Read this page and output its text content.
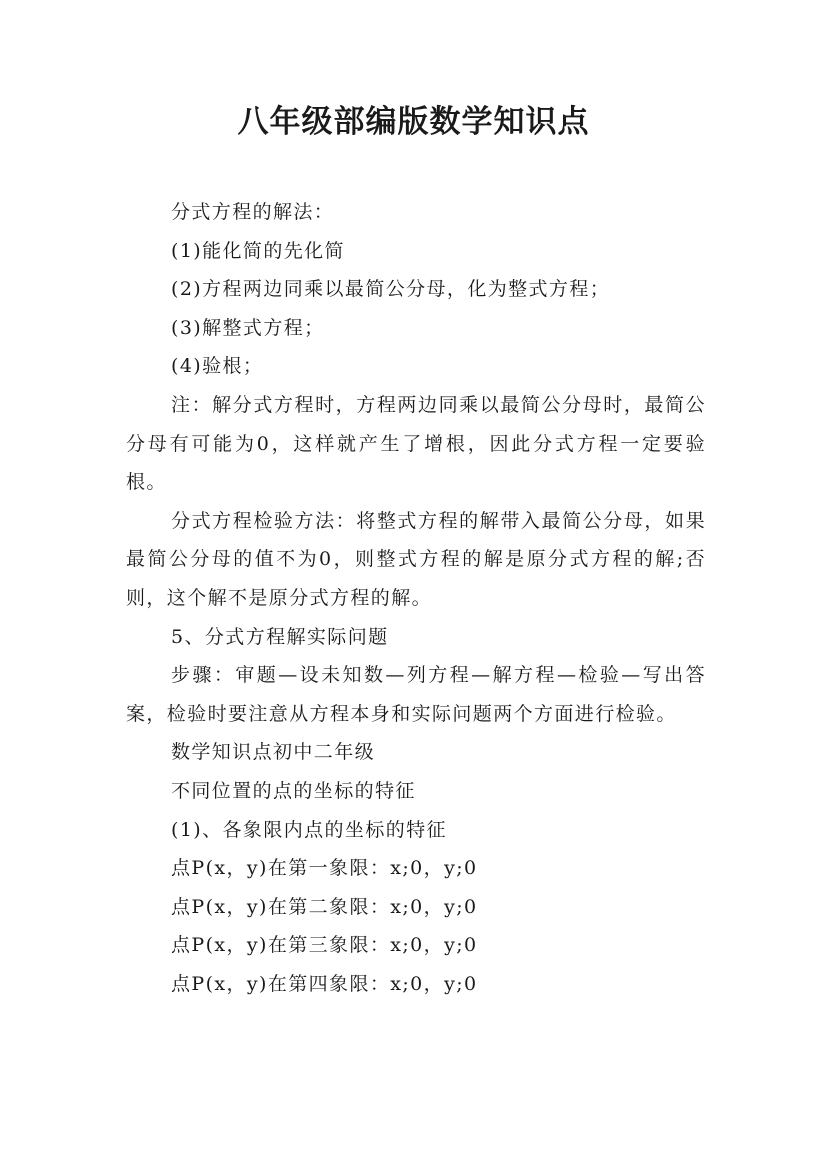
八年级部编版数学知识点

分式方程的解法：

(1)能化简的先化简

(2)方程两边同乘以最简公分母，化为整式方程；

(3)解整式方程；

(4)验根；

注：解分式方程时，方程两边同乘以最简公分母时，最简公分母有可能为0，这样就产生了增根，因此分式方程一定要验根。

分式方程检验方法：将整式方程的解带入最简公分母，如果最简公分母的值不为0，则整式方程的解是原分式方程的解;否则，这个解不是原分式方程的解。

5、分式方程解实际问题

步骤：审题—设未知数—列方程—解方程—检验—写出答案，检验时要注意从方程本身和实际问题两个方面进行检验。

数学知识点初中二年级

不同位置的点的坐标的特征

(1)、各象限内点的坐标的特征

点P(x，y)在第一象限：x;0，y;0

点P(x，y)在第二象限：x;0，y;0

点P(x，y)在第三象限：x;0，y;0

点P(x，y)在第四象限：x;0，y;0
